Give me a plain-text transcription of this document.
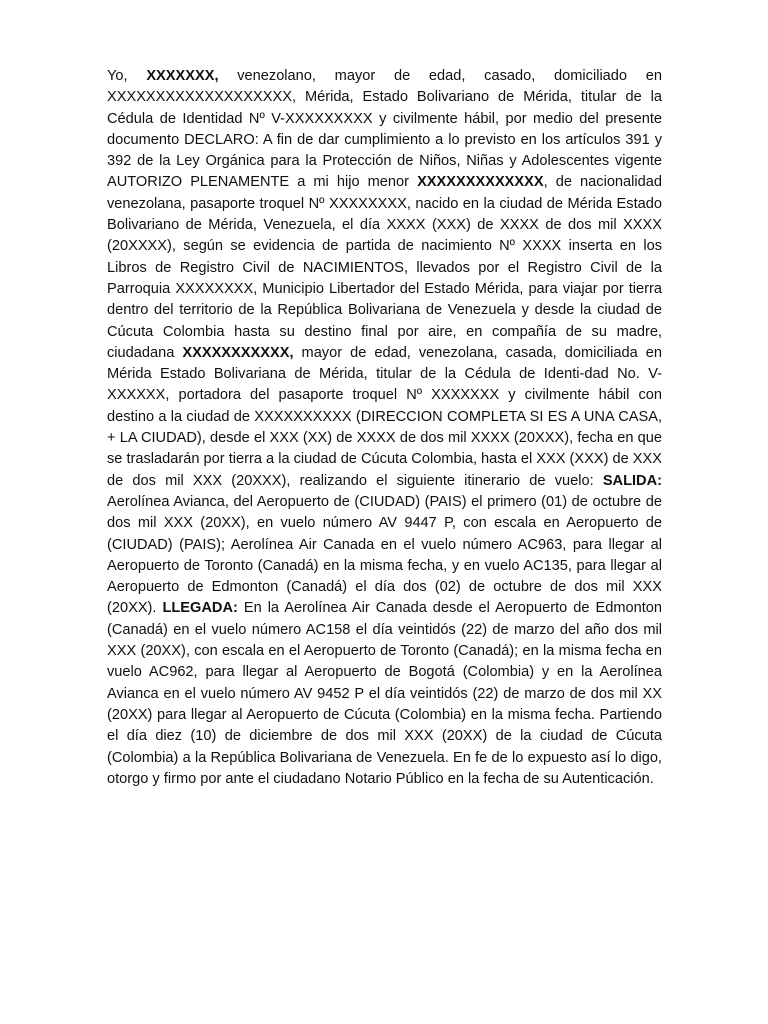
Yo, XXXXXXX, venezolano, mayor de edad, casado, domiciliado en XXXXXXXXXXXXXXXXXXX, Mérida, Estado Bolivariano de Mérida, titular de la Cédula de Identidad Nº V-XXXXXXXXX y civilmente hábil, por medio del presente documento DECLARO: A fin de dar cumplimiento a lo previsto en los artículos 391 y 392 de la Ley Orgánica para la Protección de Niños, Niñas y Adolescentes vigente AUTORIZO PLENAMENTE a mi hijo menor XXXXXXXXXXXXX, de nacionalidad venezolana, pasaporte troquel Nº XXXXXXXX, nacido en la ciudad de Mérida Estado Bolivariano de Mérida, Venezuela, el día XXXX (XXX) de XXXX de dos mil XXXX (20XXXX), según se evidencia de partida de nacimiento Nº XXXX inserta en los Libros de Registro Civil de NACIMIENTOS, llevados por el Registro Civil de la Parroquia XXXXXXXX, Municipio Libertador del Estado Mérida, para viajar por tierra dentro del territorio de la República Bolivariana de Venezuela y desde la ciudad de Cúcuta Colombia hasta su destino final por aire, en compañía de su madre, ciudadana XXXXXXXXXXX, mayor de edad, venezolana, casada, domiciliada en Mérida Estado Bolivariana de Mérida, titular de la Cédula de Identi-dad No. V-XXXXXX, portadora del pasaporte troquel Nº XXXXXXX y civilmente hábil con destino a la ciudad de XXXXXXXXXX (DIRECCION COMPLETA SI ES A UNA CASA, + LA CIUDAD), desde el XXX (XX) de XXXX de dos mil XXXX (20XXX), fecha en que se trasladarán por tierra a la ciudad de Cúcuta Colombia, hasta el XXX (XXX) de XXX de dos mil XXX (20XXX), realizando el siguiente itinerario de vuelo: SALIDA: Aerolínea Avianca, del Aeropuerto de (CIUDAD) (PAIS) el primero (01) de octubre de dos mil XXX (20XX), en vuelo número AV 9447 P, con escala en Aeropuerto de (CIUDAD) (PAIS); Aerolínea Air Canada en el vuelo número AC963, para llegar al Aeropuerto de Toronto (Canadá) en la misma fecha, y en vuelo AC135, para llegar al Aeropuerto de Edmonton (Canadá) el día dos (02) de octubre de dos mil XXX (20XX). LLEGADA: En la Aerolínea Air Canada desde el Aeropuerto de Edmonton (Canadá) en el vuelo número AC158 el día veintidós (22) de marzo del año dos mil XXX (20XX), con escala en el Aeropuerto de Toronto (Canadá); en la misma fecha en vuelo AC962, para llegar al Aeropuerto de Bogotá (Colombia) y en la Aerolínea Avianca en el vuelo número AV 9452 P el día veintidós (22) de marzo de dos mil XX (20XX) para llegar al Aeropuerto de Cúcuta (Colombia) en la misma fecha. Partiendo el día diez (10) de diciembre de dos mil XXX (20XX) de la ciudad de Cúcuta (Colombia) a la República Bolivariana de Venezuela. En fe de lo expuesto así lo digo, otorgo y firmo por ante el ciudadano Notario Público en la fecha de su Autenticación.
